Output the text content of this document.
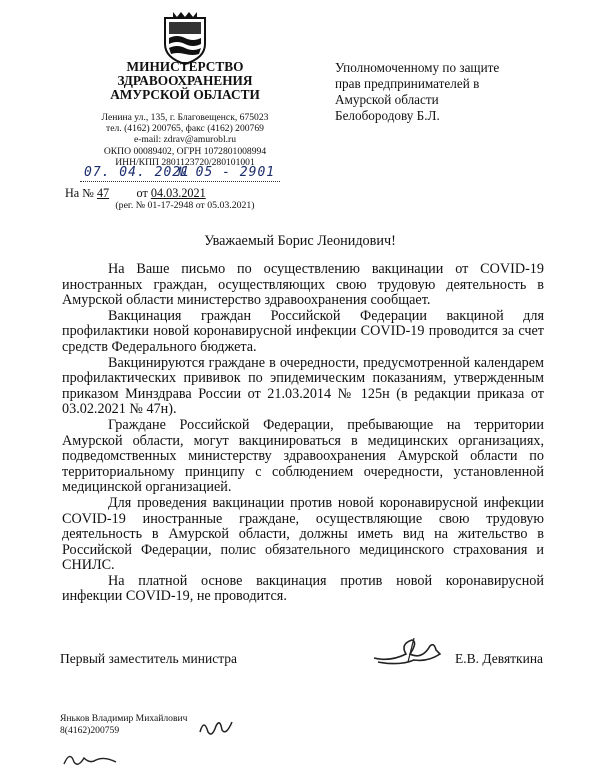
МИНИСТЕРСТВО
ЗДРАВООХРАНЕНИЯ
АМУРСКОЙ ОБЛАСТИ
Ленина ул., 135, г. Благовещенск, 675023
тел. (4162) 200765, факс (4162) 200769
e-mail: zdrav@amurobl.ru
ОКПО 00089402, ОГРН 1072801008994
ИНН/КПП 2801123720/280101001
07. 04. 2021
№ 05 - 2901
На № 47 от 04.03.2021
(рег. № 01-17-2948 от 05.03.2021)
Уполномоченному по защите
прав предпринимателей в
Амурской области
Белобородову Б.Л.
Уважаемый Борис Леонидович!

На Ваше письмо по осуществлению вакцинации от COVID-19 иностранных граждан, осуществляющих свою трудовую деятельность в Амурской области министерство здравоохранения сообщает.

Вакцинация граждан Российской Федерации вакциной для профилактики новой коронавирусной инфекции COVID-19 проводится за счет средств Федерального бюджета.

Вакцинируются граждане в очередности, предусмотренной календарем профилактических прививок по эпидемическим показаниям, утвержденным приказом Минздрава России от 21.03.2014 № 125н (в редакции приказа от 03.02.2021 № 47н).

Граждане Российской Федерации, пребывающие на территории Амурской области, могут вакцинироваться в медицинских организациях, подведомственных министерству здравоохранения Амурской области по территориальному принципу с соблюдением очередности, установленной медицинской организацией.

Для проведения вакцинации против новой коронавирусной инфекции COVID-19 иностранные граждане, осуществляющие свою трудовую деятельность в Амурской области, должны иметь вид на жительство в Российской Федерации, полис обязательного медицинского страхования и СНИЛС.

На платной основе вакцинация против новой коронавирусной инфекции COVID-19, не проводится.

Первый заместитель министра	Е.В. Девяткина
Яньков Владимир Михайлович
8(4162)200759
